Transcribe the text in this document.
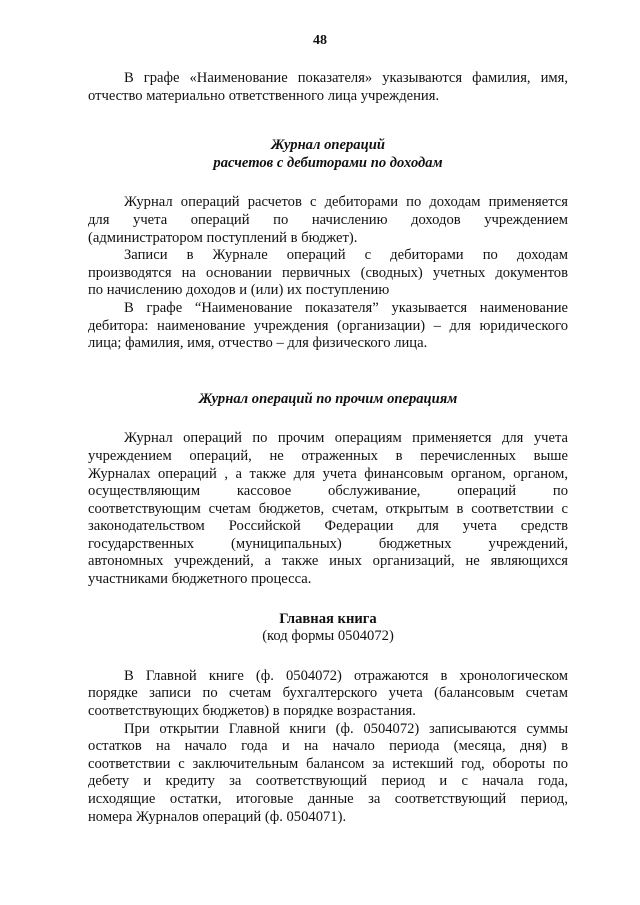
48
В графе «Наименование показателя» указываются фамилия, имя,
отчество материально ответственного лица учреждения.
Журнал операций
расчетов с дебиторами по доходам
Журнал операций расчетов с дебиторами по доходам применяется
для учета операций по начислению доходов учреждением
(администратором поступлений в бюджет).
Записи в Журнале операций с дебиторами по доходам
производятся на основании первичных (сводных) учетных документов
по начислению доходов и (или) их поступлению
В графе “Наименование показателя” указывается наименование
дебитора: наименование учреждения (организации) – для юридического
лица; фамилия, имя, отчество – для физического лица.
Журнал операций по прочим операциям
Журнал операций по прочим операциям применяется для учета
учреждением операций, не отраженных в перечисленных выше
Журналах операций , а также для учета финансовым органом, органом,
осуществляющим кассовое обслуживание, операций по
соответствующим счетам бюджетов, счетам, открытым в соответствии с
законодательством Российской Федерации для учета средств
государственных (муниципальных) бюджетных учреждений,
автономных учреждений, а также иных организаций, не являющихся
участниками бюджетного процесса.
Главная книга
(код формы 0504072)
В Главной книге (ф. 0504072) отражаются в хронологическом
порядке записи по счетам бухгалтерского учета (балансовым счетам
соответствующих бюджетов) в порядке возрастания.
При открытии Главной книги (ф. 0504072) записываются суммы
остатков на начало года и на начало периода (месяца, дня) в
соответствии с заключительным балансом за истекший год, обороты по
дебету и кредиту за соответствующий период и с начала года,
исходящие остатки, итоговые данные за соответствующий период,
номера Журналов операций (ф. 0504071).
